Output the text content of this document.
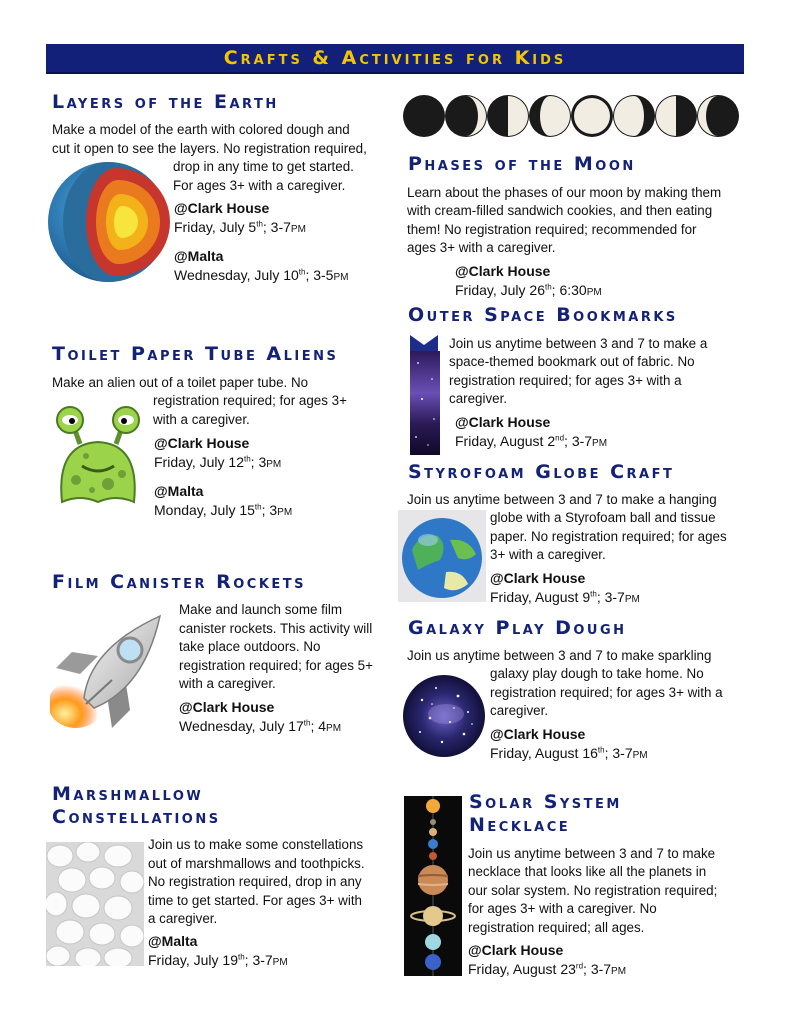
Crafts & Activities for Kids
Layers of the Earth
Make a model of the earth with colored dough and
cut it open to see the layers. No registration required,
drop in any time to get started.
For ages 3+ with a caregiver.
@Clark House
Friday, July 5th; 3-7pm
@Malta
Wednesday, July 10th; 3-5pm
Toilet Paper Tube Aliens
Make an alien out of a toilet paper tube. No
registration required; for ages 3+
with a caregiver.
@Clark House
Friday, July 12th; 3pm
@Malta
Monday, July 15th; 3pm
Film Canister Rockets
Make and launch some film
canister rockets. This activity will
take place outdoors. No
registration required; for ages 5+
with a caregiver.
@Clark House
Wednesday, July 17th; 4pm
Marshmallow
Constellations
Join us to make some constellations
out of marshmallows and toothpicks.
No registration required, drop in any
time to get started. For ages 3+ with
a caregiver.
@Malta
Friday, July 19th; 3-7pm
Phases of the Moon
Learn about the phases of our moon by making them
with cream-filled sandwich cookies, and then eating
them! No registration required; recommended for
ages 3+ with a caregiver.
@Clark House
Friday, July 26th; 6:30pm
Outer Space Bookmarks
Join us anytime between 3 and 7 to make a
space-themed bookmark out of fabric. No
registration required; for ages 3+ with a
caregiver.
@Clark House
Friday, August 2nd; 3-7pm
Styrofoam Globe Craft
Join us anytime between 3 and 7 to make a hanging
globe with a Styrofoam ball and tissue
paper. No registration required; for ages
3+ with a caregiver.
@Clark House
Friday, August 9th; 3-7pm
Galaxy Play Dough
Join us anytime between 3 and 7 to make sparkling
galaxy play dough to take home. No
registration required; for ages 3+ with a
caregiver.
@Clark House
Friday, August 16th; 3-7pm
Solar System
Necklace
Join us anytime between 3 and 7 to make
necklace that looks like all the planets in
our solar system. No registration required;
for ages 3+ with a caregiver. No
registration required; all ages.
@Clark House
Friday, August 23rd; 3-7pm
